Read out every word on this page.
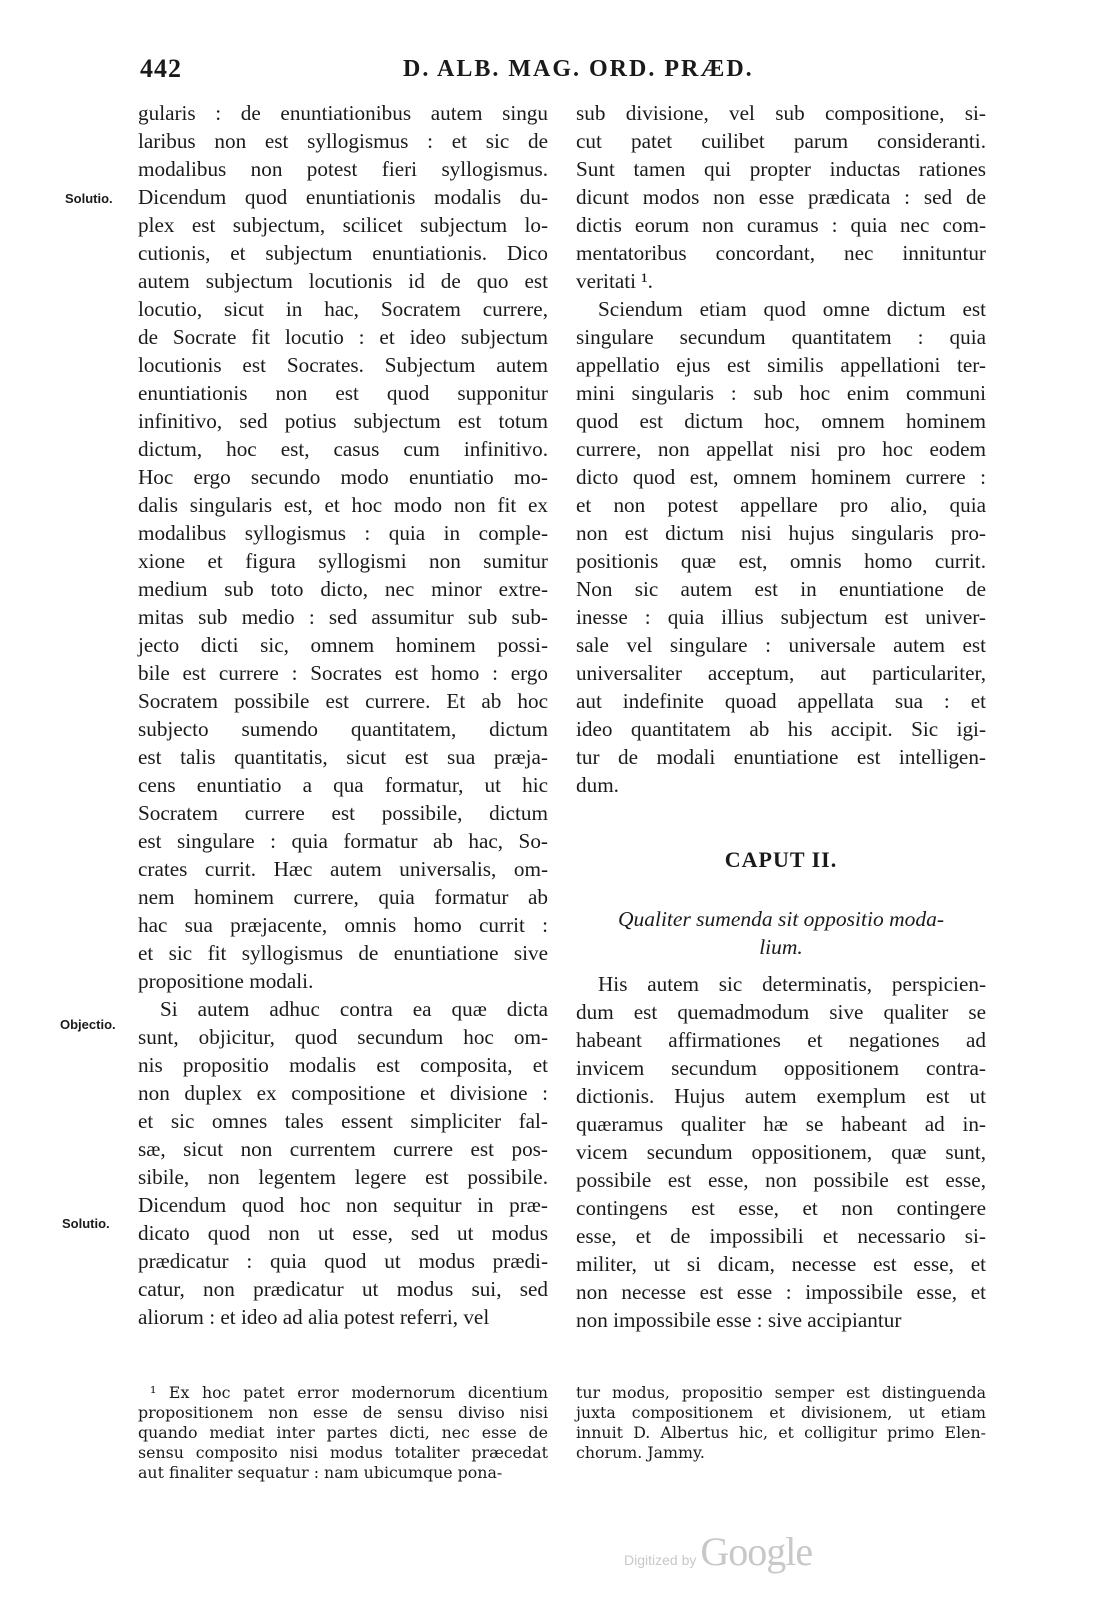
442	D. ALB. MAG. ORD. PRÆD.
Solutio.
Objectio.
Solutio.
gularis : de enuntiationibus autem singu
laribus non est syllogismus : et sic de
modalibus non potest fieri syllogismus.
Dicendum quod enuntiationis modalis du-
plex est subjectum, scilicet subjectum lo-
cutionis, et subjectum enuntiationis. Dico
autem subjectum locutionis id de quo est
locutio, sicut in hac, Socratem currere,
de Socrate fit locutio : et ideo subjectum
locutionis est Socrates. Subjectum autem
enuntiationis non est quod supponitur
infinitivo, sed potius subjectum est totum
dictum, hoc est, casus cum infinitivo.
Hoc ergo secundo modo enuntiatio mo-
dalis singularis est, et hoc modo non fit ex
modalibus syllogismus : quia in comple-
xione et figura syllogismi non sumitur
medium sub toto dicto, nec minor extre-
mitas sub medio : sed assumitur sub sub-
jecto dicti sic, omnem hominem possi-
bile est currere : Socrates est homo : ergo
Socratem possibile est currere. Et ab hoc
subjecto sumendo quantitatem, dictum
est talis quantitatis, sicut est sua præja-
cens enuntiatio a qua formatur, ut hic
Socratem currere est possibile, dictum
est singulare : quia formatur ab hac, So-
crates currit. Hæc autem universalis, om-
nem hominem currere, quia formatur ab
hac sua præjacente, omnis homo currit :
et sic fit syllogismus de enuntiatione sive
propositione modali.
Si autem adhuc contra ea quæ dicta
sunt, objicitur, quod secundum hoc om-
nis propositio modalis est composita, et
non duplex ex compositione et divisione :
et sic omnes tales essent simpliciter fal-
sæ, sicut non currentem currere est pos-
sibile, non legentem legere est possibile.
Dicendum quod hoc non sequitur in præ-
dicato quod non ut esse, sed ut modus
prædicatur : quia quod ut modus prædi-
catur, non prædicatur ut modus sui, sed
aliorum : et ideo ad alia potest referri, vel
sub divisione, vel sub compositione, si-
cut patet cuilibet parum consideranti.
Sunt tamen qui propter inductas rationes
dicunt modos non esse prædicata : sed de
dictis eorum non curamus : quia nec com-
mentatoribus concordant, nec innituntur
veritati ¹.
Sciendum etiam quod omne dictum est
singulare secundum quantitatem : quia
appellatio ejus est similis appellationi ter-
mini singularis : sub hoc enim communi
quod est dictum hoc, omnem hominem
currere, non appellat nisi pro hoc eodem
dicto quod est, omnem hominem currere :
et non potest appellare pro alio, quia
non est dictum nisi hujus singularis pro-
positionis quæ est, omnis homo currit.
Non sic autem est in enuntiatione de
inesse : quia illius subjectum est univer-
sale vel singulare : universale autem est
universaliter acceptum, aut particulariter,
aut indefinite quoad appellata sua : et
ideo quantitatem ab his accipit. Sic igi-
tur de modali enuntiatione est intelligen-
dum.
CAPUT II.
Qualiter sumenda sit oppositio moda-
lium.
His autem sic determinatis, perspicien-
dum est quemadmodum sive qualiter se
habeant affirmationes et negationes ad
invicem secundum oppositionem contra-
dictionis. Hujus autem exemplum est ut
quæramus qualiter hæ se habeant ad in-
vicem secundum oppositionem, quæ sunt,
possibile est esse, non possibile est esse,
contingens est esse, et non contingere
esse, et de impossibili et necessario si-
militer, ut si dicam, necesse est esse, et
non necesse est esse : impossibile esse, et
non impossibile esse : sive accipiantur
¹ Ex hoc patet error modernorum dicentium
propositionem non esse de sensu diviso nisi
quando mediat inter partes dicti, nec esse de
sensu composito nisi modus totaliter præcedat
aut finaliter sequatur : nam ubicumque pona-
tur modus, propositio semper est distinguenda
juxta compositionem et divisionem, ut etiam
innuit D. Albertus hic, et colligitur primo Elen-
chorum. Jammy.
Digitized by Google
